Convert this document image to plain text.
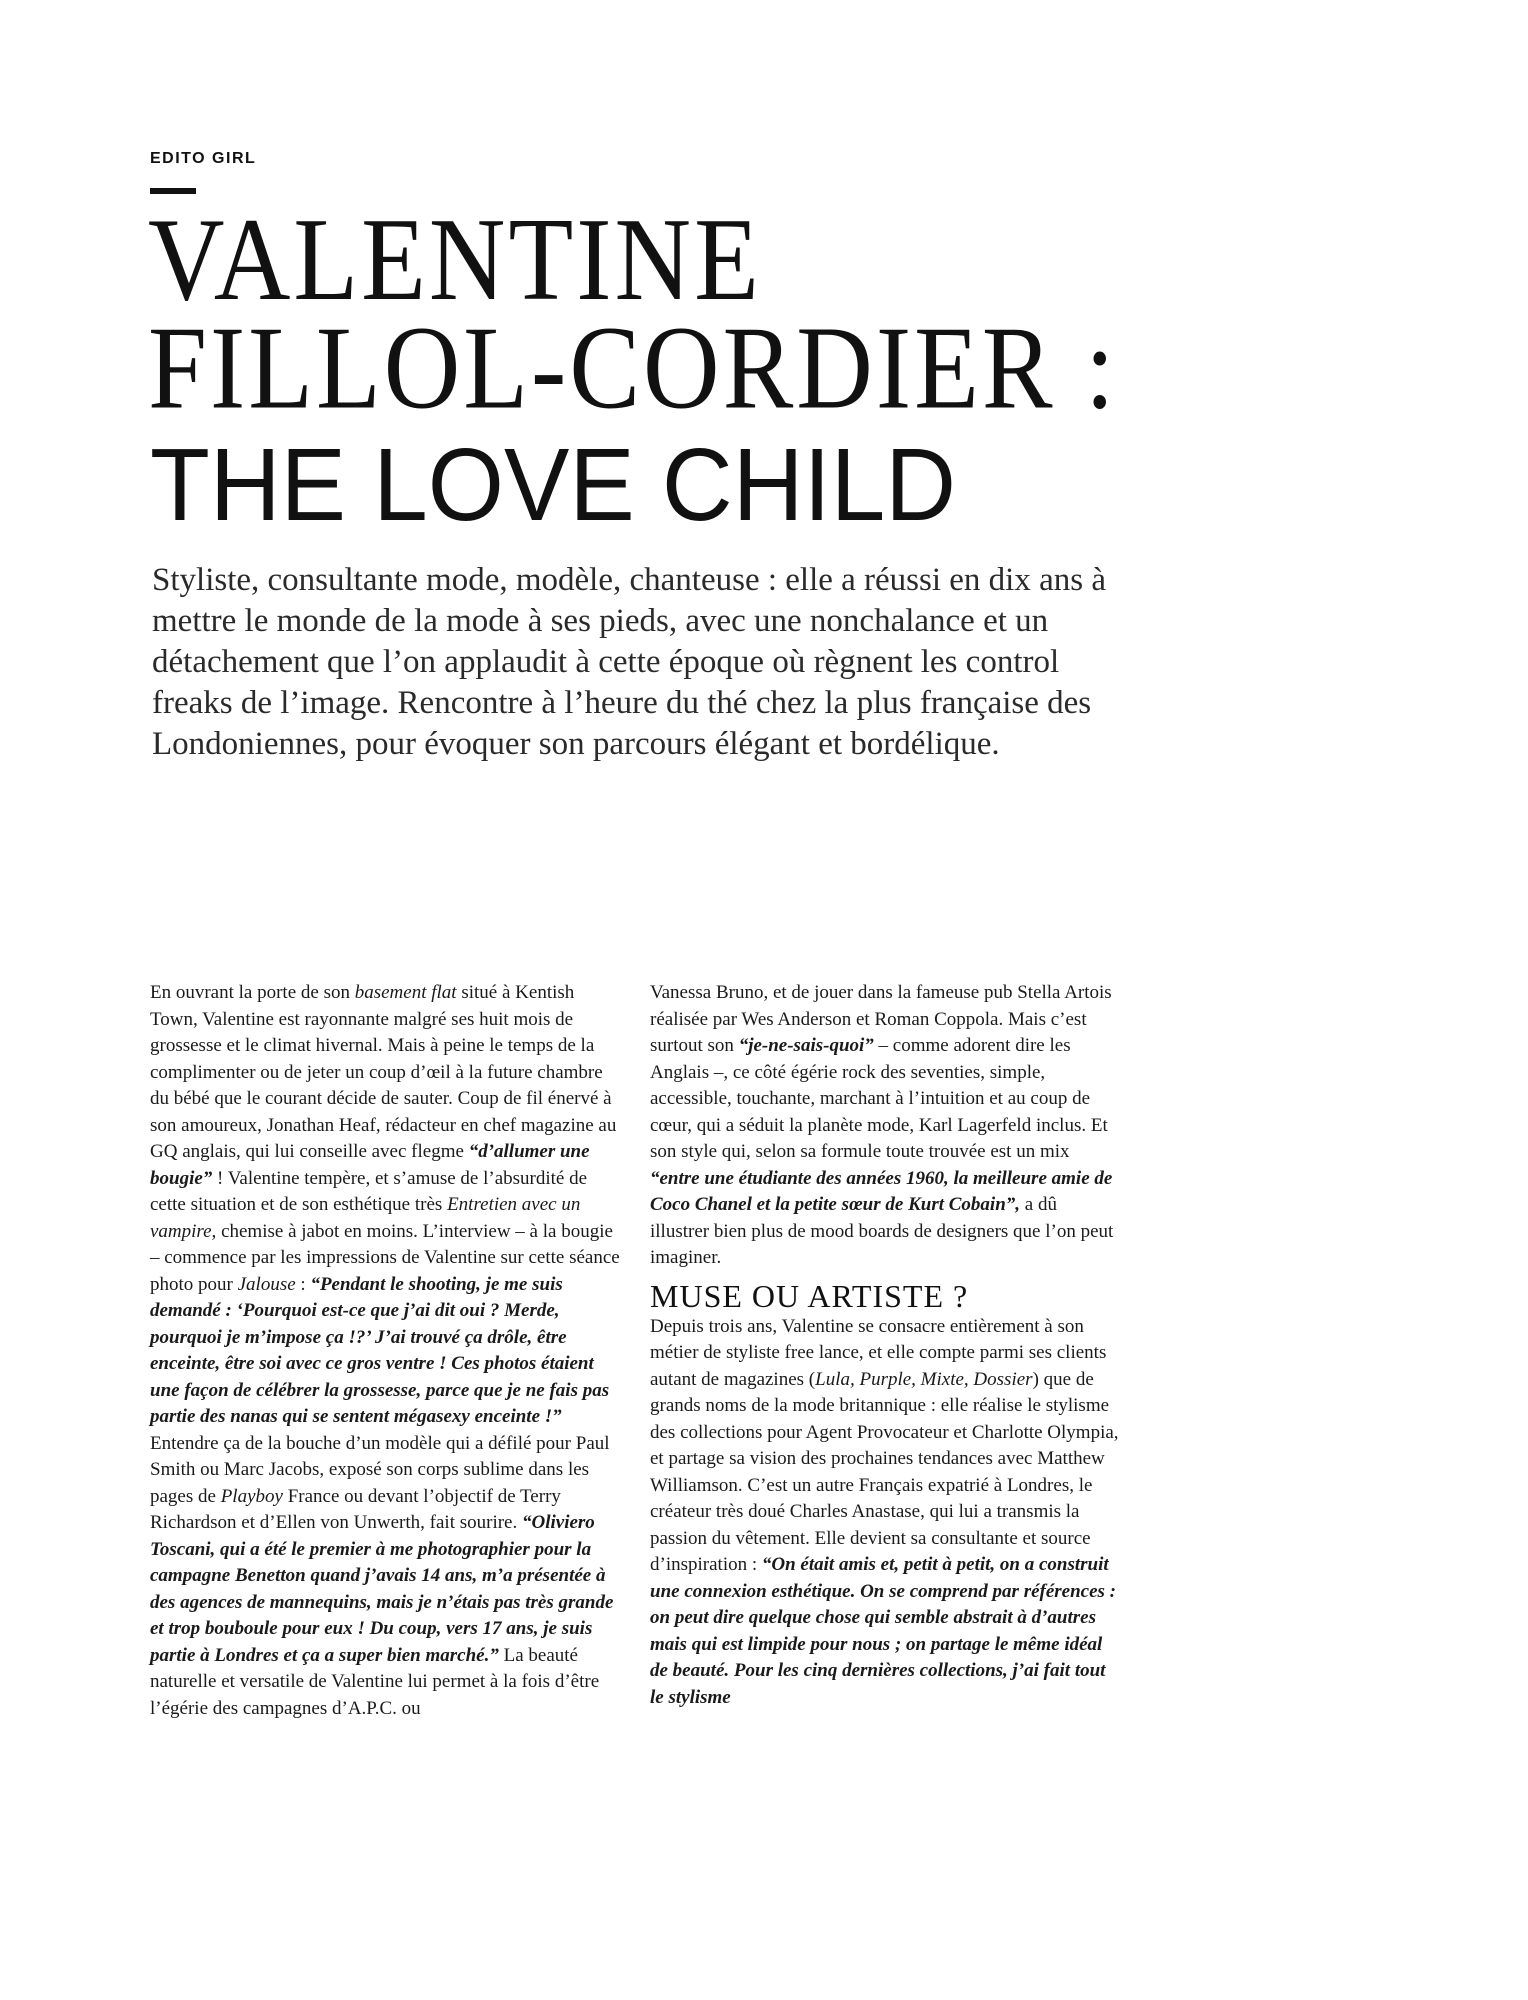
EDITO GIRL
VALENTINE
FILLOL-CORDIER :
THE LOVE CHILD

Styliste, consultante mode, modèle, chanteuse : elle a réussi en dix ans à mettre le monde de la mode à ses pieds, avec une nonchalance et un détachement que l’on applaudit à cette époque où règnent les control freaks de l’image. Rencontre à l’heure du thé chez la plus française des Londoniennes, pour évoquer son parcours élégant et bordélique.

En ouvrant la porte de son basement flat situé à Kentish Town, Valentine est rayonnante malgré ses huit mois de grossesse et le climat hivernal. Mais à peine le temps de la complimenter ou de jeter un coup d’œil à la future chambre du bébé que le courant décide de sauter. Coup de fil énervé à son amoureux, Jonathan Heaf, rédacteur en chef magazine au GQ anglais, qui lui conseille avec flegme “d’allumer une bougie” ! Valentine tempère, et s’amuse de l’absurdité de cette situation et de son esthétique très Entretien avec un vampire, chemise à jabot en moins. L’interview – à la bougie – commence par les impressions de Valentine sur cette séance photo pour Jalouse : “Pendant le shooting, je me suis demandé : ‘Pourquoi est-ce que j’ai dit oui ? Merde, pourquoi je m’impose ça !?’ J’ai trouvé ça drôle, être enceinte, être soi avec ce gros ventre ! Ces photos étaient une façon de célébrer la grossesse, parce que je ne fais pas partie des nanas qui se sentent mégasexy enceinte !” Entendre ça de la bouche d’un modèle qui a défilé pour Paul Smith ou Marc Jacobs, exposé son corps sublime dans les pages de Playboy France ou devant l’objectif de Terry Richardson et d’Ellen von Unwerth, fait sourire. “Oliviero Toscani, qui a été le premier à me photographier pour la campagne Benetton quand j’avais 14 ans, m’a présentée à des agences de mannequins, mais je n’étais pas très grande et trop bouboule pour eux ! Du coup, vers 17 ans, je suis partie à Londres et ça a super bien marché.” La beauté naturelle et versatile de Valentine lui permet à la fois d’être l’égérie des campagnes d’A.P.C. ou

Vanessa Bruno, et de jouer dans la fameuse pub Stella Artois réalisée par Wes Anderson et Roman Coppola. Mais c’est surtout son “je-ne-sais-quoi” – comme adorent dire les Anglais –, ce côté égérie rock des seventies, simple, accessible, touchante, marchant à l’intuition et au coup de cœur, qui a séduit la planète mode, Karl Lagerfeld inclus. Et son style qui, selon sa formule toute trouvée est un mix “entre une étudiante des années 1960, la meilleure amie de Coco Chanel et la petite sœur de Kurt Cobain”, a dû illustrer bien plus de mood boards de designers que l’on peut imaginer.

MUSE OU ARTISTE ?

Depuis trois ans, Valentine se consacre entièrement à son métier de styliste free lance, et elle compte parmi ses clients autant de magazines (Lula, Purple, Mixte, Dossier) que de grands noms de la mode britannique : elle réalise le stylisme des collections pour Agent Provocateur et Charlotte Olympia, et partage sa vision des prochaines tendances avec Matthew Williamson. C’est un autre Français expatrié à Londres, le créateur très doué Charles Anastase, qui lui a transmis la passion du vêtement. Elle devient sa consultante et source d’inspiration : “On était amis et, petit à petit, on a construit une connexion esthétique. On se comprend par références : on peut dire quelque chose qui semble abstrait à d’autres mais qui est limpide pour nous ; on partage le même idéal de beauté. Pour les cinq dernières collections, j’ai fait tout le stylisme
